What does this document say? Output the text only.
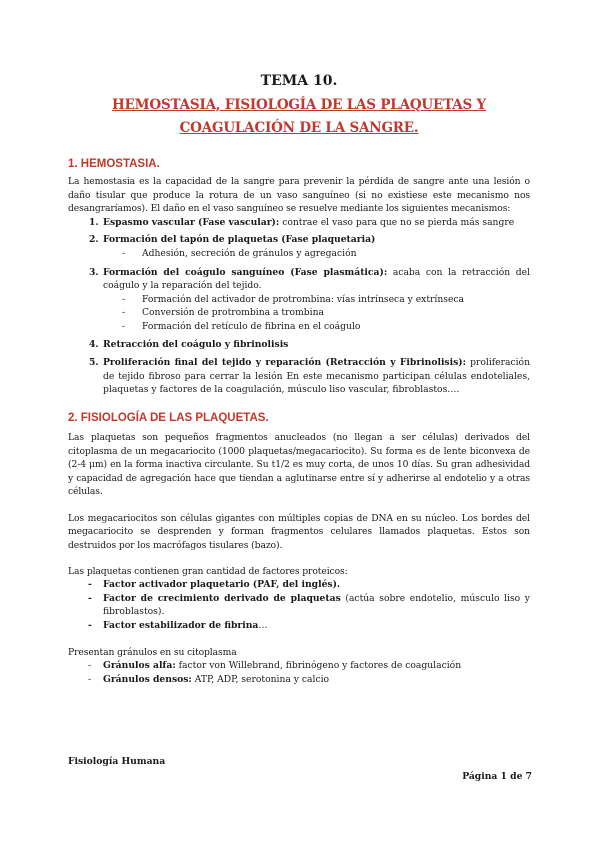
TEMA 10.
HEMOSTASIA, FISIOLOGÍA DE LAS PLAQUETAS Y
COAGULACIÓN DE LA SANGRE.
1. HEMOSTASIA.

La hemostasia es la capacidad de la sangre para prevenir la pérdida de sangre ante una lesión o daño tisular que produce la rotura de un vaso sanguíneo (si no existiese este mecanismo nos desangraríamos). El daño en el vaso sanguíneo se resuelve mediante los siguientes mecanismos:

1. Espasmo vascular (Fase vascular): contrae el vaso para que no se pierda más sangre
2. Formación del tapón de plaquetas (Fase plaquetaria)
- Adhesión, secreción de gránulos y agregación
3. Formación del coágulo sanguíneo (Fase plasmática): acaba con la retracción del coágulo y la reparación del tejido.
- Formación del activador de protrombina: vías intrínseca y extrínseca
- Conversión de protrombina a trombina
- Formación del retículo de fibrina en el coágulo
4. Retracción del coágulo y fibrinolisis
5. Proliferación final del tejido y reparación (Retracción y Fibrinolisis): proliferación de tejido fibroso para cerrar la lesión En este mecanismo participan células endoteliales, plaquetas y factores de la coagulación, músculo liso vascular, fibroblastos….
2. FISIOLOGÍA DE LAS PLAQUETAS.

Las plaquetas son pequeños fragmentos anucleados (no llegan a ser células) derivados del citoplasma de un megacariocito (1000 plaquetas/megacariocito). Su forma es de lente biconvexa de (2-4 μm) en la forma inactiva circulante. Su t1/2 es muy corta, de unos 10 días. Su gran adhesividad y capacidad de agregación hace que tiendan a aglutinarse entre sí y adherirse al endotelio y a otras células.

Los megacariocitos son células gigantes con múltiples copias de DNA en su núcleo. Los bordes del megacariocito se desprenden y forman fragmentos celulares llamados plaquetas. Estos son destruidos por los macrófagos tisulares (bazo).

Las plaquetas contienen gran cantidad de factores proteicos:

- Factor activador plaquetario (PAF, del inglés).
- Factor de crecimiento derivado de plaquetas (actúa sobre endotelio, músculo liso y fibroblastos).
- Factor estabilizador de fibrina…

Presentan gránulos en su citoplasma

- Gránulos alfa: factor von Willebrand, fibrinógeno y factores de coagulación
- Gránulos densos: ATP, ADP, serotonina y calcio
Fisiología Humana
Página 1 de 7
